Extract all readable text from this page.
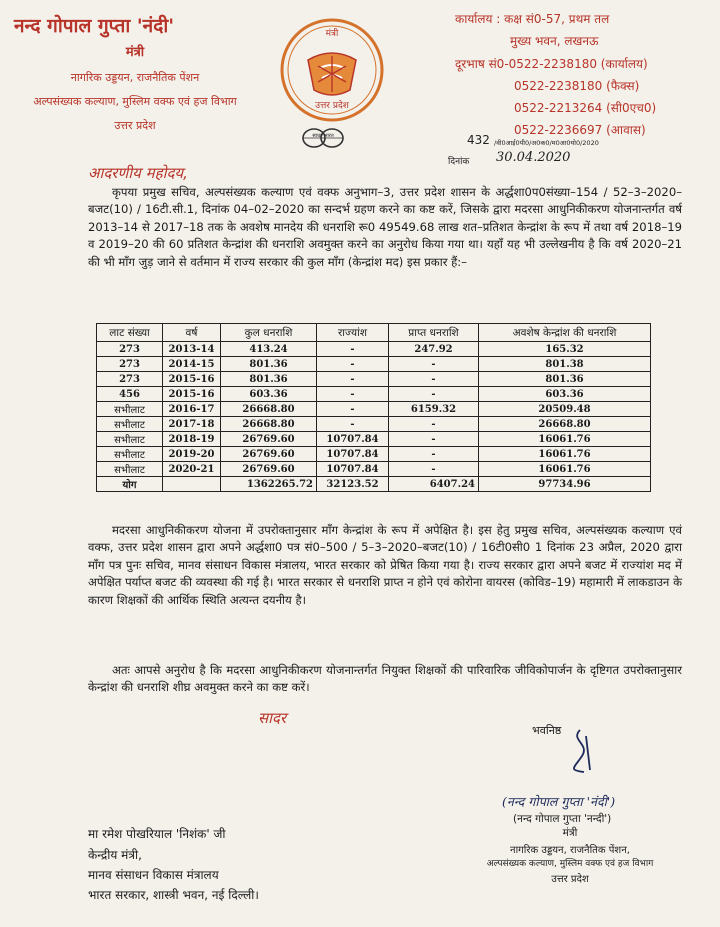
नन्द गोपाल गुप्ता 'नंदी'
मंत्री
नागरिक उड्डयन, राजनैतिक पेंशन
अल्पसंख्यक कल्याण, मुस्लिम वक्फ एवं हज विभाग
उत्तर प्रदेश
मंत्री
उत्तर प्रदेश
स्वच्छ भारत
कार्यालय : कक्ष सं0-57, प्रथम तल
मुख्य भवन, लखनऊ
दूरभाष सं0-0522-2238180 (कार्यालय)
0522-2238180 (फैक्स)
0522-2213264 (सी0एच0)
0522-2236697 (आवास)
432 /वी0आई0पी0/अ0क0/म0आ0यो0/2020
दिनांक 30.04.2020
आदरणीय महोदय,
कृपया प्रमुख सचिव, अल्पसंख्यक कल्याण एवं वक्फ अनुभाग–3, उत्तर प्रदेश शासन के अर्द्धशा0प0संख्या–154 / 52–3–2020–बजट(10) / 16टी.सी.1, दिनांक 04–02–2020 का सन्दर्भ ग्रहण करने का कष्ट करें, जिसके द्वारा मदरसा आधुनिकीकरण योजनान्तर्गत वर्ष 2013–14 से 2017–18 तक के अवशेष मानदेय की धनराशि रू0 49549.68 लाख शत–प्रतिशत केन्द्रांश के रूप में तथा वर्ष 2018–19 व 2019–20 की 60 प्रतिशत केन्द्रांश की धनराशि अवमुक्त करने का अनुरोध किया गया था। यहाँ यह भी उल्लेखनीय है कि वर्ष 2020–21 की भी माँग जुड़ जाने से वर्तमान में राज्य सरकार की कुल माँग (केन्द्रांश मद) इस प्रकार हैं:–
लाट संख्या	वर्ष	कुल धनराशि	राज्यांश	प्राप्त धनराशि	अवशेष केन्द्रांश की धनराशि
273	2013-14	413.24	-	247.92	165.32
273	2014-15	801.36	-	-	801.38
273	2015-16	801.36	-	-	801.36
456	2015-16	603.36	-	-	603.36
सभीलाट	2016-17	26668.80	-	6159.32	20509.48
सभीलाट	2017-18	26668.80	-	-	26668.80
सभीलाट	2018-19	26769.60	10707.84	-	16061.76
सभीलाट	2019-20	26769.60	10707.84	-	16061.76
सभीलाट	2020-21	26769.60	10707.84	-	16061.76
योग		1362265.72	32123.52	6407.24	97734.96
मदरसा आधुनिकीकरण योजना में उपरोक्तानुसार माँग केन्द्रांश के रूप में अपेक्षित है। इस हेतु प्रमुख सचिव, अल्पसंख्यक कल्याण एवं वक्फ, उत्तर प्रदेश शासन द्वारा अपने अर्द्धशा0 पत्र सं0–500 / 5–3–2020–बजट(10) / 16टी0सी0 1 दिनांक 23 अप्रैल, 2020 द्वारा माँग पत्र पुनः सचिव, मानव संसाधन विकास मंत्रालय, भारत सरकार को प्रेषित किया गया है। राज्य सरकार द्वारा अपने बजट में राज्यांश मद में अपेक्षित पर्याप्त बजट की व्यवस्था की गई है। भारत सरकार से धनराशि प्राप्त न होने एवं कोरोना वायरस (कोविड–19) महामारी में लाकडाउन के कारण शिक्षकों की आर्थिक स्थिति अत्यन्त दयनीय है।
अतः आपसे अनुरोध है कि मदरसा आधुनिकीकरण योजनान्तर्गत नियुक्त शिक्षकों की पारिवारिक जीविकोपार्जन के दृष्टिगत उपरोक्तानुसार केन्द्रांश की धनराशि शीघ्र अवमुक्त करने का कष्ट करें।
सादर
भवनिष्ठ
(नन्द गोपाल गुप्ता 'नंदी')
(नन्द गोपाल गुप्ता 'नन्दी')
मंत्री
नागरिक उड्डयन, राजनैतिक पेंशन,
अल्पसंख्यक कल्याण, मुस्लिम वक्फ एवं हज विभाग
उत्तर प्रदेश
मा रमेश पोखरियाल 'निशंक' जी
केन्द्रीय मंत्री,
मानव संसाधन विकास मंत्रालय
भारत सरकार, शास्त्री भवन, नई दिल्ली।
